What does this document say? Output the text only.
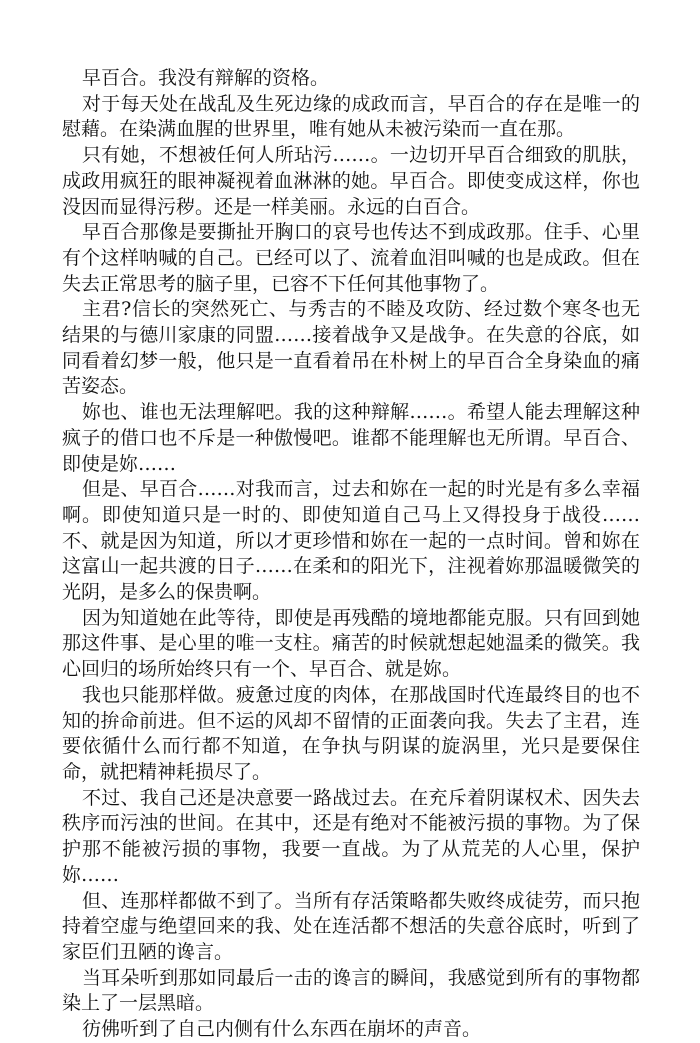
早百合。我没有辩解的资格。

对于每天处在战乱及生死边缘的成政而言，早百合的存在是唯一的慰藉。在染满血腥的世界里，唯有她从未被污染而一直在那。

只有她，不想被任何人所玷污……。一边切开早百合细致的肌肤，成政用疯狂的眼神凝视着血淋淋的她。早百合。即使变成这样，你也没因而显得污秽。还是一样美丽。永远的白百合。

早百合那像是要撕扯开胸口的哀号也传达不到成政那。住手、心里有个这样呐喊的自己。已经可以了、流着血泪叫喊的也是成政。但在失去正常思考的脑子里，已容不下任何其他事物了。

主君?信长的突然死亡、与秀吉的不睦及攻防、经过数个寒冬也无结果的与德川家康的同盟……接着战争又是战争。在失意的谷底，如同看着幻梦一般，他只是一直看着吊在朴树上的早百合全身染血的痛苦姿态。

妳也、谁也无法理解吧。我的这种辩解……。希望人能去理解这种疯子的借口也不斥是一种傲慢吧。谁都不能理解也无所谓。早百合、即使是妳……

但是、早百合……对我而言，过去和妳在一起的时光是有多么幸福啊。即使知道只是一时的、即使知道自己马上又得投身于战役……不、就是因为知道，所以才更珍惜和妳在一起的一点时间。曾和妳在这富山一起共渡的日子……在柔和的阳光下，注视着妳那温暖微笑的光阴，是多么的保贵啊。

因为知道她在此等待，即使是再残酷的境地都能克服。只有回到她那这件事、是心里的唯一支柱。痛苦的时候就想起她温柔的微笑。我心回归的场所始终只有一个、早百合、就是妳。

我也只能那样做。疲惫过度的肉体，在那战国时代连最终目的也不知的拚命前进。但不运的风却不留情的正面袭向我。失去了主君，连要依循什么而行都不知道，在争执与阴谋的旋涡里，光只是要保住命，就把精神耗损尽了。

不过、我自己还是决意要一路战过去。在充斥着阴谋权术、因失去秩序而污浊的世间。在其中，还是有绝对不能被污损的事物。为了保护那不能被污损的事物，我要一直战。为了从荒芜的人心里，保护妳……

但、连那样都做不到了。当所有存活策略都失败终成徒劳，而只抱持着空虚与绝望回来的我、处在连活都不想活的失意谷底时，听到了家臣们丑陋的谗言。

当耳朵听到那如同最后一击的谗言的瞬间，我感觉到所有的事物都染上了一层黑暗。

彷佛听到了自己内侧有什么东西在崩坏的声音。
